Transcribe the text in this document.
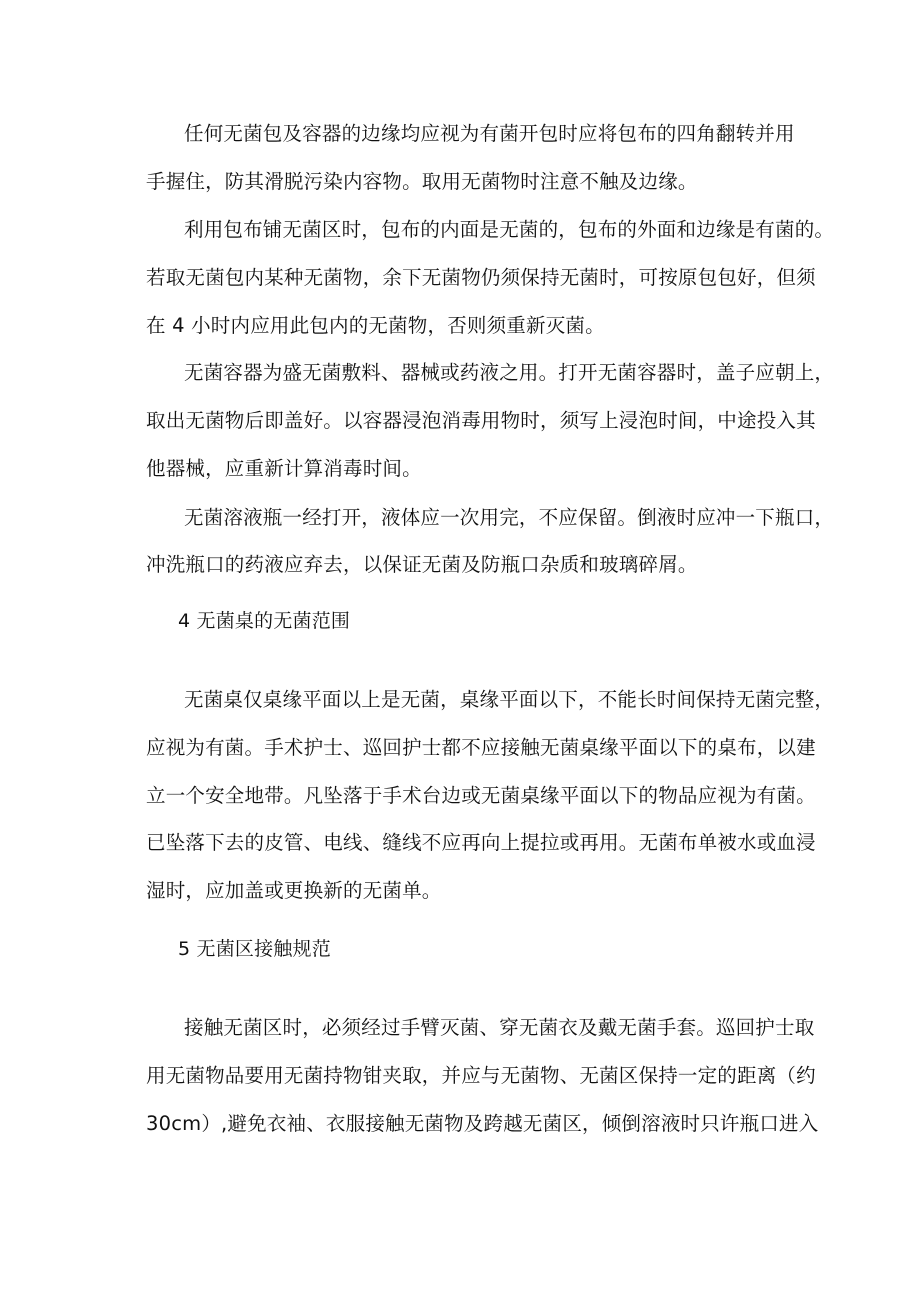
任何无菌包及容器的边缘均应视为有菌开包时应将包布的四角翻转并用
手握住，防其滑脱污染内容物。取用无菌物时注意不触及边缘。
利用包布铺无菌区时，包布的内面是无菌的，包布的外面和边缘是有菌的。
若取无菌包内某种无菌物，余下无菌物仍须保持无菌时，可按原包包好，但须
在 4 小时内应用此包内的无菌物，否则须重新灭菌。
无菌容器为盛无菌敷料、器械或药液之用。打开无菌容器时，盖子应朝上，
取出无菌物后即盖好。以容器浸泡消毒用物时，须写上浸泡时间，中途投入其
他器械，应重新计算消毒时间。
无菌溶液瓶一经打开，液体应一次用完，不应保留。倒液时应冲一下瓶口，
冲洗瓶口的药液应弃去，以保证无菌及防瓶口杂质和玻璃碎屑。
4 无菌桌的无菌范围
无菌桌仅桌缘平面以上是无菌，桌缘平面以下，不能长时间保持无菌完整，
应视为有菌。手术护士、巡回护士都不应接触无菌桌缘平面以下的桌布，以建
立一个安全地带。凡坠落于手术台边或无菌桌缘平面以下的物品应视为有菌。
已坠落下去的皮管、电线、缝线不应再向上提拉或再用。无菌布单被水或血浸
湿时，应加盖或更换新的无菌单。
5 无菌区接触规范
接触无菌区时，必须经过手臂灭菌、穿无菌衣及戴无菌手套。巡回护士取
用无菌物品要用无菌持物钳夹取，并应与无菌物、无菌区保持一定的距离（约
30cm）,避免衣袖、衣服接触无菌物及跨越无菌区，倾倒溶液时只许瓶口进入
